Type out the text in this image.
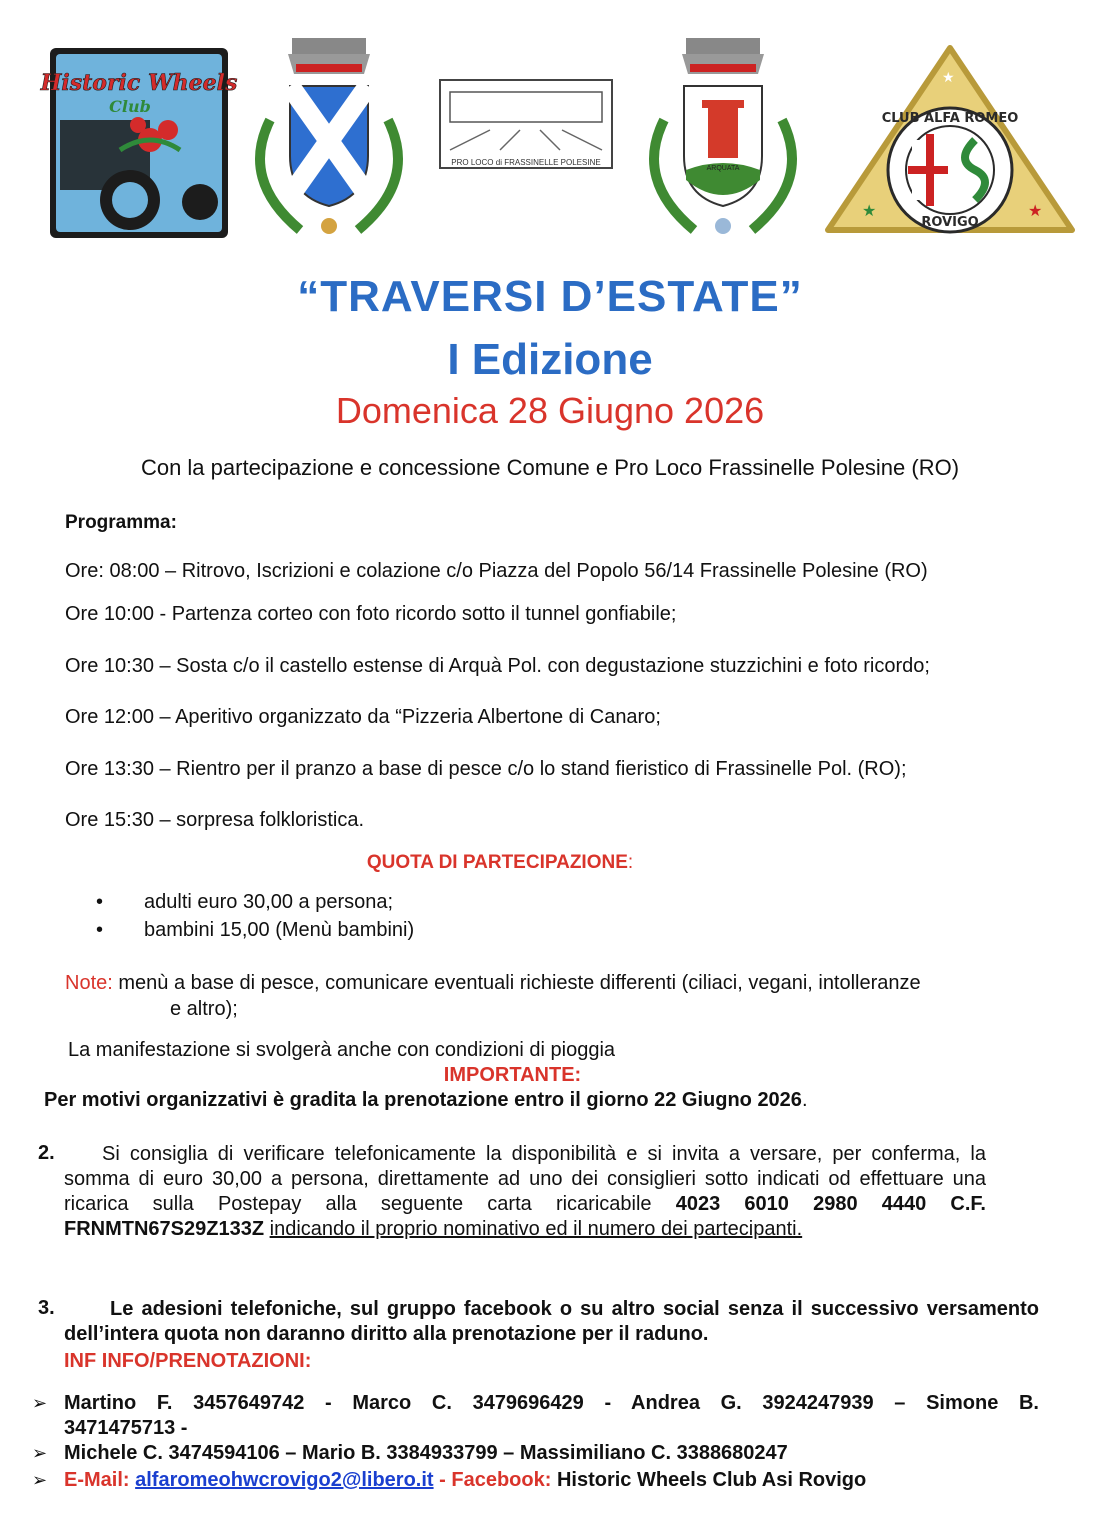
Historic Wheels
Club
PRO LOCO di FRASSINELLE POLESINE
ARQUATA
CLUB ALFA ROMEO
ROVIGO
★	★
★
“TRAVERSI D’ESTATE”
I Edizione
Domenica 28 Giugno 2026
Con la partecipazione e concessione Comune e Pro Loco Frassinelle Polesine (RO)
Programma:
Ore: 08:00 – Ritrovo, Iscrizioni e colazione c/o Piazza del Popolo 56/14 Frassinelle Polesine (RO)
Ore 10:00 - Partenza corteo con foto ricordo sotto il tunnel gonfiabile;
Ore 10:30 – Sosta c/o il castello estense di Arquà Pol. con degustazione stuzzichini e foto ricordo;
Ore 12:00 – Aperitivo organizzato da “Pizzeria Albertone di Canaro;
Ore 13:30 – Rientro per il pranzo a base di pesce c/o lo stand fieristico di Frassinelle Pol. (RO);
Ore 15:30 – sorpresa folkloristica.
QUOTA DI PARTECIPAZIONE:
• adulti euro 30,00 a persona;
• bambini 15,00 (Menù bambini)
Note: menù a base di pesce, comunicare eventuali richieste differenti (ciliaci, vegani, intolleranze
e altro);
La manifestazione si svolgerà anche con condizioni di pioggia
IMPORTANTE:
Per motivi organizzativi è gradita la prenotazione entro il giorno 22 Giugno 2026.
2.	Si consiglia di verificare telefonicamente la disponibilità e si invita a versare, per conferma, la somma di euro 30,00 a persona, direttamente ad uno dei consiglieri sotto indicati od effettuare una ricarica sulla Postepay alla seguente carta ricaricabile 4023 6010 2980 4440 C.F. FRNMTN67S29Z133Z indicando il proprio nominativo ed il numero dei partecipanti.
3.	Le adesioni telefoniche, sul gruppo facebook o su altro social senza il successivo versamento dell’intera quota non daranno diritto alla prenotazione per il raduno.
INF INFO/PRENOTAZIONI:
➢ Martino F. 3457649742 - Marco C. 3479696429 - Andrea G. 3924247939 – Simone B.
3471475713 -
➢ Michele C. 3474594106 – Mario B. 3384933799 – Massimiliano C. 3388680247
➢ E-Mail: alfaromeohwcrovigo2@libero.it - Facebook: Historic Wheels Club Asi Rovigo
